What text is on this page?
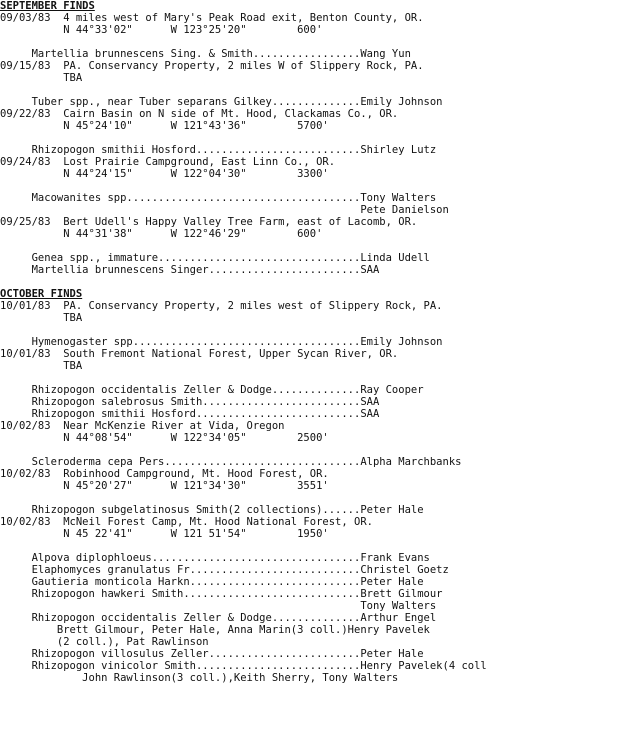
SEPTEMBER FINDS
09/03/83  4 miles west of Mary's Peak Road exit, Benton County, OR.
N 44°33'02"      W 123°25'20"        600'

Martellia brunnescens Sing. & Smith.................Wang Yun
09/15/83  PA. Conservancy Property, 2 miles W of Slippery Rock, PA.
TBA

Tuber spp., near Tuber separans Gilkey..............Emily Johnson
09/22/83  Cairn Basin on N side of Mt. Hood, Clackamas Co., OR.
N 45°24'10"      W 121°43'36"        5700'

Rhizopogon smithii Hosford..........................Shirley Lutz
09/24/83  Lost Prairie Campground, East Linn Co., OR.
N 44°24'15"      W 122°04'30"        3300'

Macowanites spp.....................................Tony Walters
Pete Danielson
09/25/83  Bert Udell's Happy Valley Tree Farm, east of Lacomb, OR.
N 44°31'38"      W 122°46'29"        600'

Genea spp., immature................................Linda Udell
Martellia brunnescens Singer........................SAA

OCTOBER FINDS
10/01/83  PA. Conservancy Property, 2 miles west of Slippery Rock, PA.
TBA

Hymenogaster spp....................................Emily Johnson
10/01/83  South Fremont National Forest, Upper Sycan River, OR.
TBA

Rhizopogon occidentalis Zeller & Dodge..............Ray Cooper
Rhizopogon salebrosus Smith.........................SAA
Rhizopogon smithii Hosford..........................SAA
10/02/83  Near McKenzie River at Vida, Oregon
N 44°08'54"      W 122°34'05"        2500'

Scleroderma cepa Pers...............................Alpha Marchbanks
10/02/83  Robinhood Campground, Mt. Hood Forest, OR.
N 45°20'27"      W 121°34'30"        3551'

Rhizopogon subgelatinosus Smith(2 collections)......Peter Hale
10/02/83  McNeil Forest Camp, Mt. Hood National Forest, OR.
N 45 22'41"      W 121 51'54"        1950'

Alpova diplophloeus.................................Frank Evans
Elaphomyces granulatus Fr...........................Christel Goetz
Gautieria monticola Harkn...........................Peter Hale
Rhizopogon hawkeri Smith............................Brett Gilmour
Tony Walters
Rhizopogon occidentalis Zeller & Dodge..............Arthur Engel
Brett Gilmour, Peter Hale, Anna Marin(3 coll.)Henry Pavelek
(2 coll.), Pat Rawlinson
Rhizopogon villosulus Zeller........................Peter Hale
Rhizopogon vinicolor Smith..........................Henry Pavelek(4 coll
John Rawlinson(3 coll.),Keith Sherry, Tony Walters
